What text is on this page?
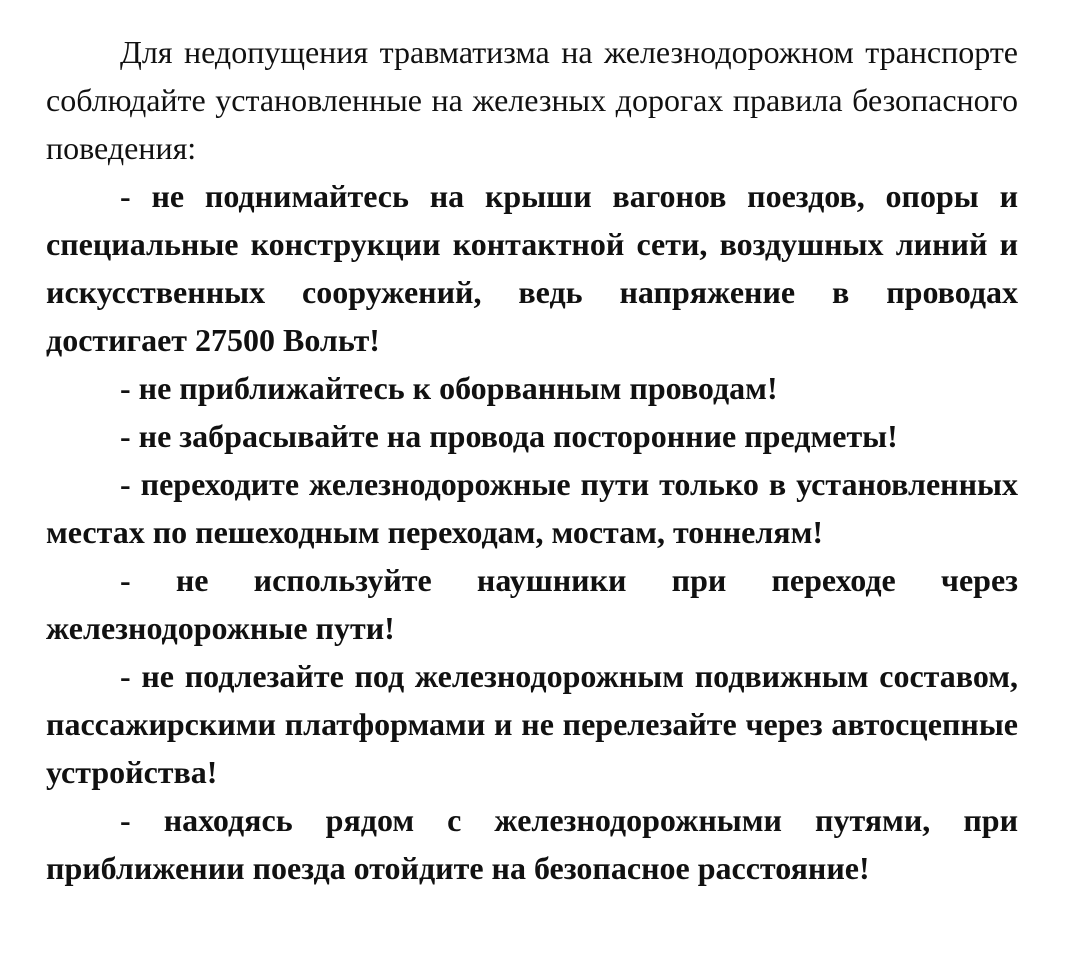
Для недопущения травматизма на железнодорожном транспорте соблюдайте установленные на железных дорогах правила безопасного поведения:

- не поднимайтесь на крыши вагонов поездов, опоры и специальные конструкции контактной сети, воздушных линий и искусственных сооружений, ведь напряжение в проводах достигает 27500 Вольт!

- не приближайтесь к оборванным проводам!

- не забрасывайте на провода посторонние предметы!

- переходите железнодорожные пути только в установленных местах по пешеходным переходам, мостам, тоннелям!

- не используйте наушники при переходе через железнодорожные пути!

- не подлезайте под железнодорожным подвижным составом, пассажирскими платформами и не перелезайте через автосцепные устройства!

- находясь рядом с железнодорожными путями, при приближении поезда отойдите на безопасное расстояние!
